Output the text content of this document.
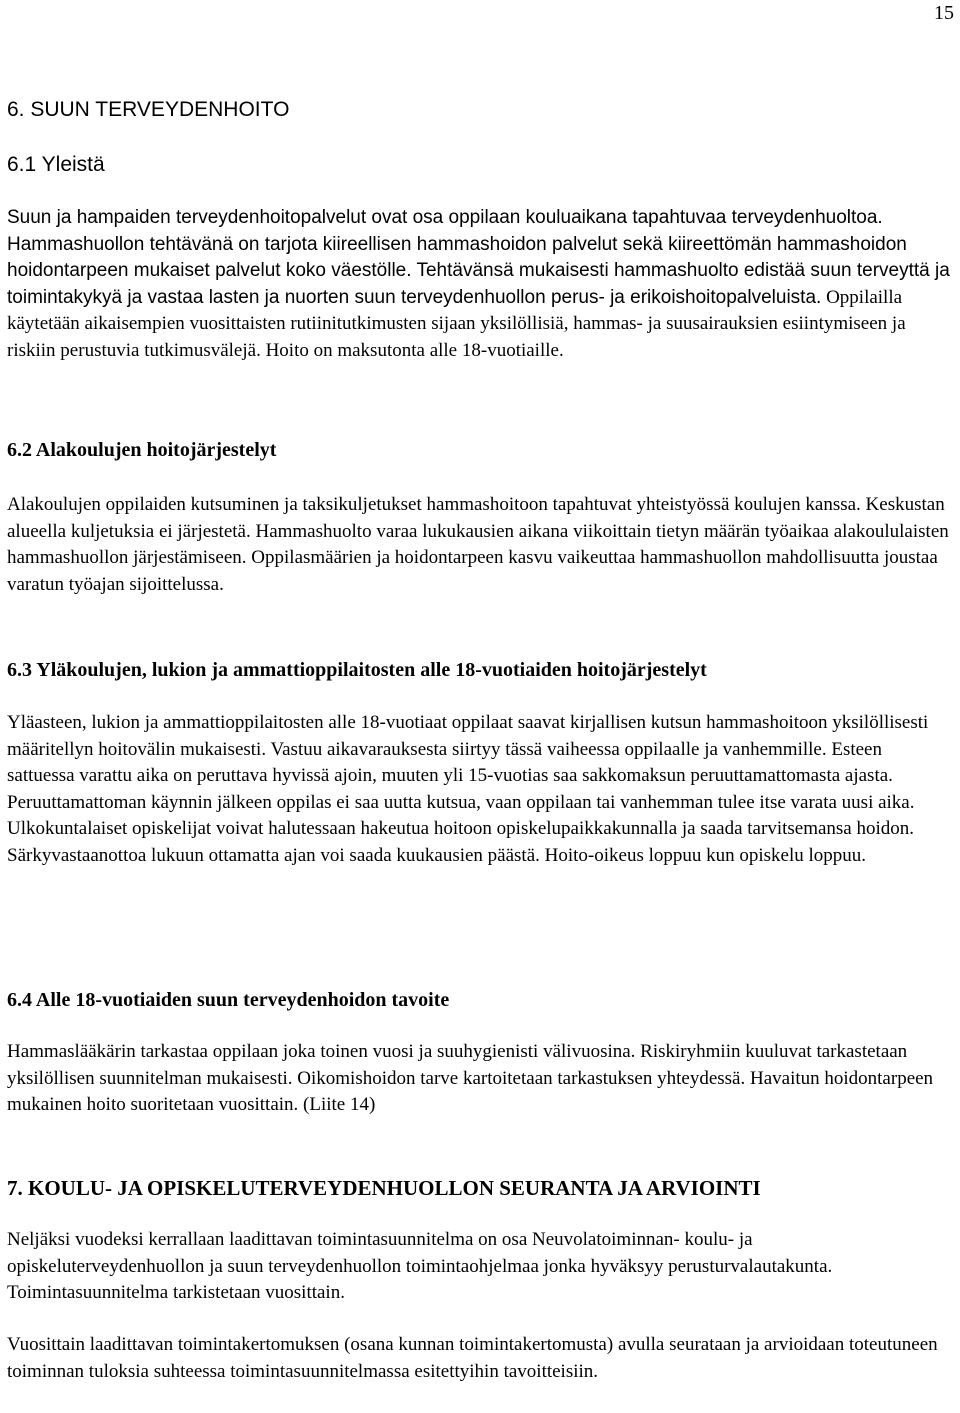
15
6. SUUN TERVEYDENHOITO
6.1 Yleistä

Suun ja hampaiden terveydenhoitopalvelut ovat osa oppilaan kouluaikana tapahtuvaa terveydenhuoltoa. Hammashuollon tehtävänä on tarjota kiireellisen hammashoidon palvelut sekä kiireettömän hammashoidon hoidontarpeen mukaiset palvelut koko väestölle. Tehtävänsä mukaisesti hammashuolto edistää suun terveyttä ja toimintakykyä ja vastaa lasten ja nuorten suun terveydenhuollon perus- ja erikoishoitopalveluista. Oppilailla käytetään aikaisempien vuosittaisten rutiinitutkimusten sijaan yksilöllisiä, hammas- ja suusairauksien esiintymiseen ja riskiin perustuvia tutkimusvälejä. Hoito on maksutonta alle 18-vuotiaille.

6.2 Alakoulujen hoitojärjestelyt

Alakoulujen oppilaiden kutsuminen ja taksikuljetukset hammashoitoon tapahtuvat yhteistyössä koulujen kanssa. Keskustan alueella kuljetuksia ei järjestetä. Hammashuolto varaa lukukausien aikana viikoittain tietyn määrän työaikaa alakoululaisten hammashuollon järjestämiseen. Oppilasmäärien ja hoidontarpeen kasvu vaikeuttaa hammashuollon mahdollisuutta joustaa varatun työajan sijoittelussa.

6.3 Yläkoulujen, lukion ja ammattioppilaitosten alle 18-vuotiaiden hoitojärjestelyt

Yläasteen, lukion ja ammattioppilaitosten alle 18-vuotiaat oppilaat saavat kirjallisen kutsun hammashoitoon yksilöllisesti määritellyn hoitovälin mukaisesti. Vastuu aikavarauksesta siirtyy tässä vaiheessa oppilaalle ja vanhemmille. Esteen sattuessa varattu aika on peruttava hyvissä ajoin, muuten yli 15-vuotias saa sakkomaksun peruuttamattomasta ajasta. Peruuttamattoman käynnin jälkeen oppilas ei saa uutta kutsua, vaan oppilaan tai vanhemman tulee itse varata uusi aika. Ulkokuntalaiset opiskelijat voivat halutessaan hakeutua hoitoon opiskelupaikkakunnalla ja saada tarvitsemansa hoidon. Särkyvastaanottoa lukuun ottamatta ajan voi saada kuukausien päästä. Hoito-oikeus loppuu kun opiskelu loppuu.

6.4 Alle 18-vuotiaiden suun terveydenhoidon tavoite

Hammaslääkärin tarkastaa oppilaan joka toinen vuosi ja suuhygienisti välivuosina. Riskiryhmiin kuuluvat tarkastetaan yksilöllisen suunnitelman mukaisesti. Oikomishoidon tarve kartoitetaan tarkastuksen yhteydessä. Havaitun hoidontarpeen mukainen hoito suoritetaan vuosittain. (Liite 14)

7. KOULU- JA OPISKELUTERVEYDENHUOLLON SEURANTA JA ARVIOINTI

Neljäksi vuodeksi kerrallaan laadittavan toimintasuunnitelma on osa Neuvolatoiminnan- koulu- ja opiskeluterveydenhuollon ja suun terveydenhuollon toimintaohjelmaa jonka hyväksyy perusturvalautakunta. Toimintasuunnitelma tarkistetaan vuosittain.

Vuosittain laadittavan toimintakertomuksen (osana kunnan toimintakertomusta) avulla seurataan ja arvioidaan toteutuneen toiminnan tuloksia suhteessa toimintasuunnitelmassa esitettyihin tavoitteisiin.
